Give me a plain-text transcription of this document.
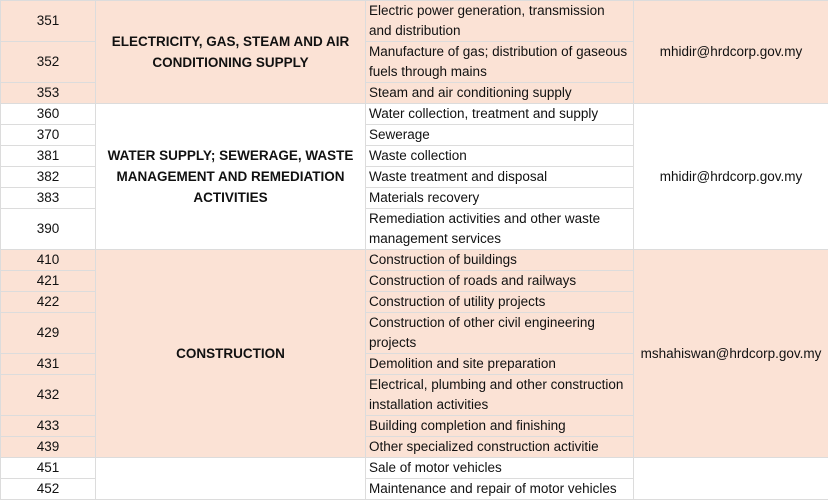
351	ELECTRICITY, GAS, STEAM AND AIR CONDITIONING SUPPLY	Electric power generation, transmission and distribution	mhidir@hrdcorp.gov.my
352		Manufacture of gas; distribution of gaseous fuels through mains	
353		Steam and air conditioning supply	
360	WATER SUPPLY; SEWERAGE, WASTE MANAGEMENT AND REMEDIATION ACTIVITIES	Water collection, treatment and supply	mhidir@hrdcorp.gov.my
370		Sewerage	
381		Waste collection	
382		Waste treatment and disposal	
383		Materials recovery	
390		Remediation activities and other waste management services	
410	CONSTRUCTION	Construction of buildings	mshahiswan@hrdcorp.gov.my
421		Construction of roads and railways	
422		Construction of utility projects	
429		Construction of other civil engineering projects	
431		Demolition and site preparation	
432		Electrical, plumbing and other construction installation activities	
433		Building completion and finishing	
439		Other specialized construction activitie	
451		Sale of motor vehicles	
452		Maintenance and repair of motor vehicles	
